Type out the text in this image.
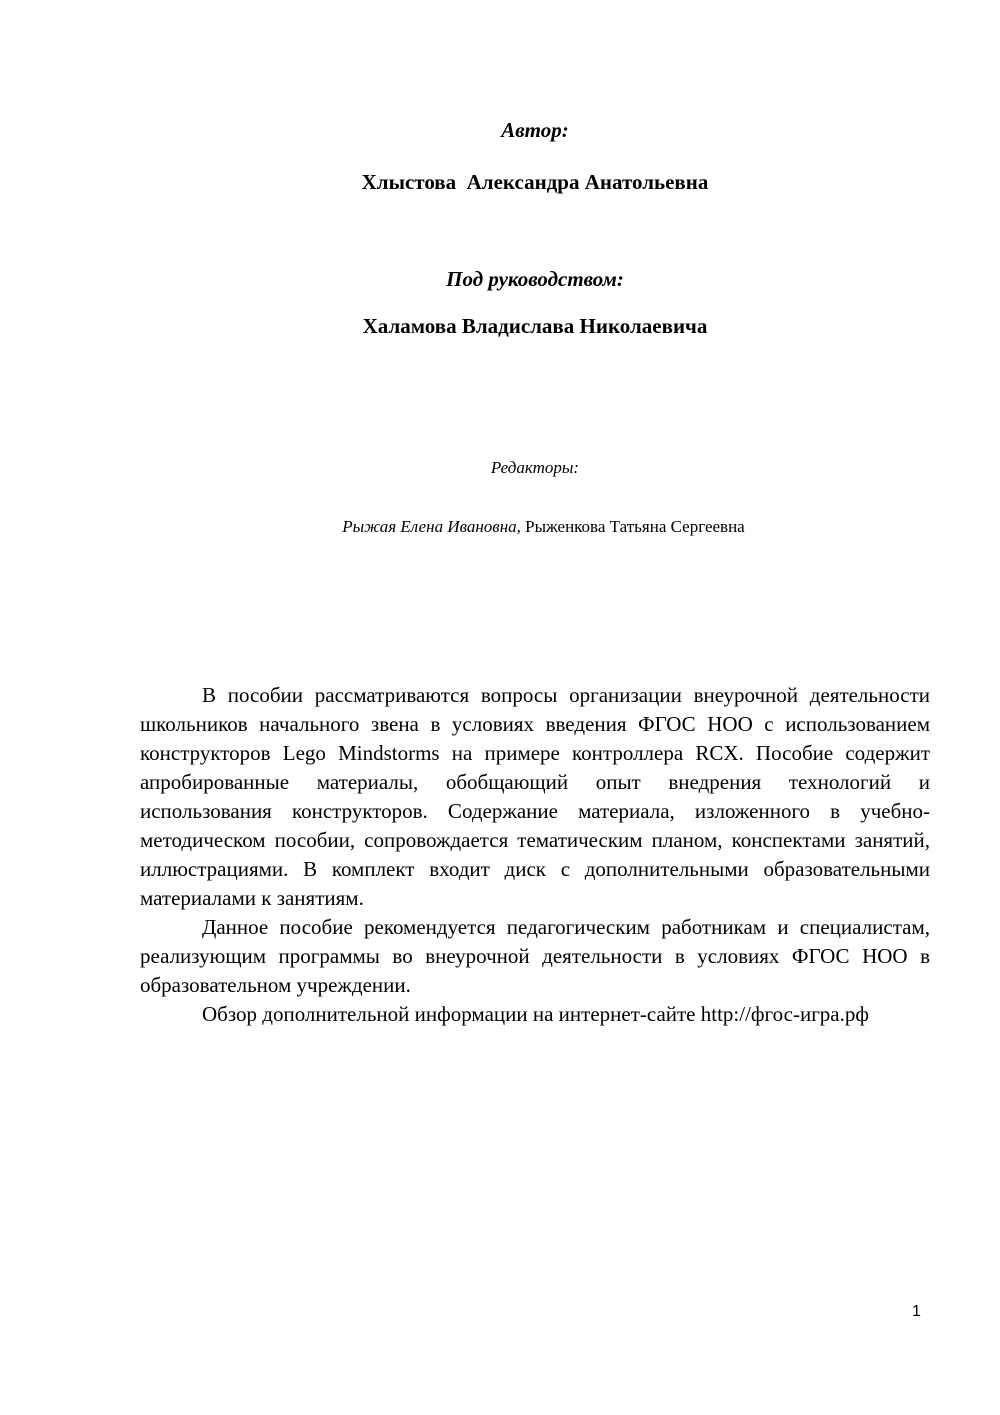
Автор:
Хлыстова  Александра Анатольевна
Под руководством:
Халамова Владислава Николаевича
Редакторы:

Рыжая Елена Ивановна, Рыженкова Татьяна Сергеевна

В пособии рассматриваются вопросы организации внеурочной деятельности школьников начального звена в условиях введения ФГОС НОО с использованием конструкторов Lego Mindstorms на примере контроллера RCX. Пособие содержит апробированные материалы, обобщающий опыт внедрения технологий и использования конструкторов. Содержание материала, изложенного в учебно-методическом пособии, сопровождается тематическим планом, конспектами занятий, иллюстрациями. В комплект входит диск с дополнительными образовательными материалами к занятиям.

Данное пособие рекомендуется педагогическим работникам и специалистам, реализующим программы во внеурочной деятельности в условиях ФГОС НОО в образовательном учреждении.

Обзор дополнительной информации на интернет-сайте http://фгос-игра.рф

1
